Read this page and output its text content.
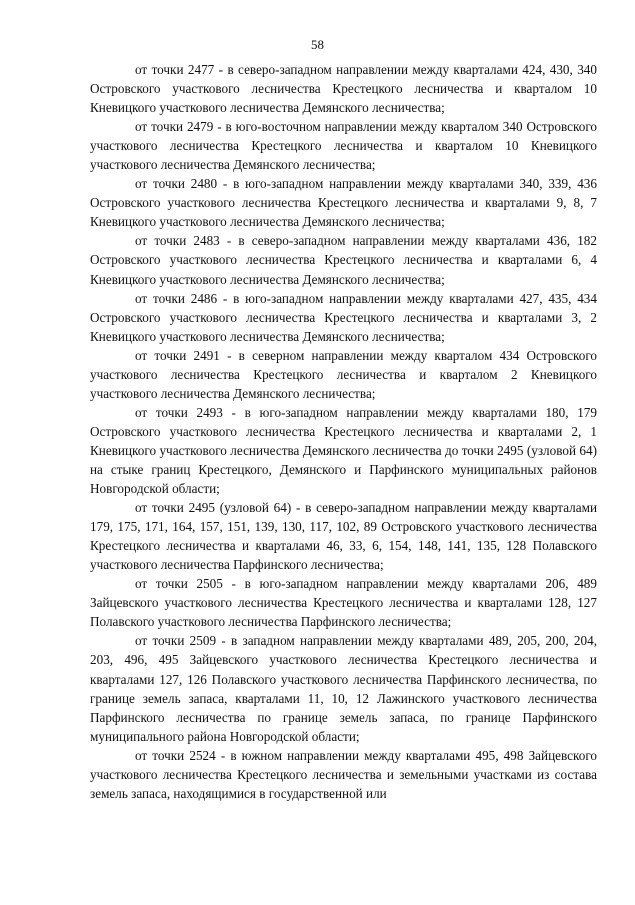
58

от точки 2477 - в северо-западном направлении между кварталами 424, 430, 340 Островского участкового лесничества Крестецкого лесничества и кварталом 10 Кневицкого участкового лесничества Демянского лесничества;

от точки 2479 - в юго-восточном направлении между кварталом 340 Островского участкового лесничества Крестецкого лесничества и кварталом 10 Кневицкого участкового лесничества Демянского лесничества;

от точки 2480 - в юго-западном направлении между кварталами 340, 339, 436 Островского участкового лесничества Крестецкого лесничества и кварталами 9, 8, 7 Кневицкого участкового лесничества Демянского лесничества;

от точки 2483 - в северо-западном направлении между кварталами 436, 182 Островского участкового лесничества Крестецкого лесничества и кварталами 6, 4 Кневицкого участкового лесничества Демянского лесничества;

от точки 2486 - в юго-западном направлении между кварталами 427, 435, 434 Островского участкового лесничества Крестецкого лесничества и кварталами 3, 2 Кневицкого участкового лесничества Демянского лесничества;

от точки 2491 - в северном направлении между кварталом 434 Островского участкового лесничества Крестецкого лесничества и кварталом 2 Кневицкого участкового лесничества Демянского лесничества;

от точки 2493 - в юго-западном направлении между кварталами 180, 179 Островского участкового лесничества Крестецкого лесничества и кварталами 2, 1 Кневицкого участкового лесничества Демянского лесничества до точки 2495 (узловой 64) на стыке границ Крестецкого, Демянского и Парфинского муниципальных районов Новгородской области;

от точки 2495 (узловой 64) - в северо-западном направлении между кварталами 179, 175, 171, 164, 157, 151, 139, 130, 117, 102, 89 Островского участкового лесничества Крестецкого лесничества и кварталами 46, 33, 6, 154, 148, 141, 135, 128 Полавского участкового лесничества Парфинского лесничества;

от точки 2505 - в юго-западном направлении между кварталами 206, 489 Зайцевского участкового лесничества Крестецкого лесничества и кварталами 128, 127 Полавского участкового лесничества Парфинского лесничества;

от точки 2509 - в западном направлении между кварталами 489, 205, 200, 204, 203, 496, 495 Зайцевского участкового лесничества Крестецкого лесничества и кварталами 127, 126 Полавского участкового лесничества Парфинского лесничества, по границе земель запаса, кварталами 11, 10, 12 Лажинского участкового лесничества Парфинского лесничества по границе земель запаса, по границе Парфинского муниципального района Новгородской области;

от точки 2524 - в южном направлении между кварталами 495, 498 Зайцевского участкового лесничества Крестецкого лесничества и земельными участками из состава земель запаса, находящимися в государственной или
